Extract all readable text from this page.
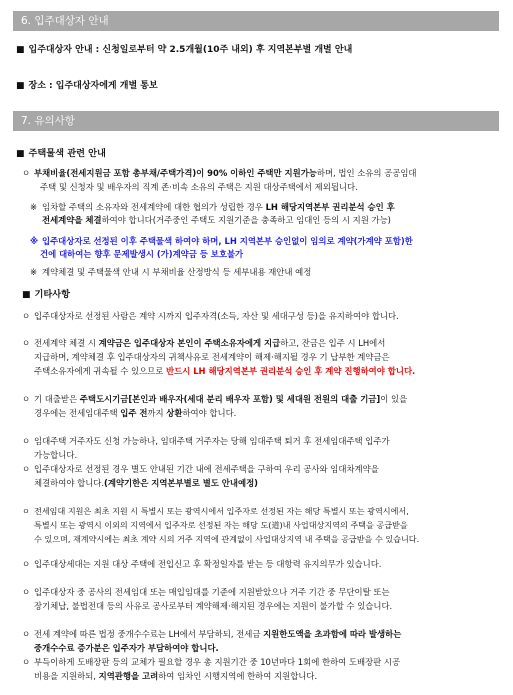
6. 입주대상자 안내
■ 입주대상자 안내 : 신청일로부터 약 2.5개월(10주 내외) 후 지역본부별 개별 안내
■ 장소 : 입주대상자에게 개별 통보
7. 유의사항
■ 주택물색 관련 안내
ㅇ 부채비율(전세지원금 포함 총부채/주택가격)이 90% 이하인 주택만 지원가능하며, 법인 소유의 공공임대
주택 및 신청자 및 배우자의 직계 존·비속 소유의 주택은 지원 대상주택에서 제외됩니다.
※ 임차할 주택의 소유자와 전세계약에 대한 협의가 성립한 경우 LH 해당지역본부 권리분석 승인 후
전세계약을 체결하여야 합니다(거주중인 주택도 지원기준을 충족하고 임대인 등의 시 지원 가능)
※ 입주대상자로 선정된 이후 주택물색 하여야 하며, LH 지역본부 승인없이 임의로 계약(가계약 포함)한
건에 대하여는 향후 문제발생시 (가)계약금 등 보호불가
※ 계약체결 및 주택물색 안내 시 부채비율 산정방식 등 세부내용 재안내 예정
■ 기타사항
ㅇ 입주대상자로 선정된 사람은 계약 시까지 입주자격(소득, 자산 및 세대구성 등)을 유지하여야 합니다.
ㅇ 전세계약 체결 시 계약금은 입주대상자 본인이 주택소유자에게 지급하고, 잔금은 입주 시 LH에서
지급하며, 계약체결 후 입주대상자의 귀책사유로 전세계약이 해제·해지될 경우 기 납부한 계약금은
주택소유자에게 귀속될 수 있으므로 반드시 LH 해당지역본부 권리분석 승인 후 계약 진행하여야 합니다.
ㅇ 기 대출받은 주택도시기금[본인과 배우자(세대 분리 배우자 포함) 및 세대원 전원의 대출 기금]이 있을
경우에는 전세임대주택 입주 전까지 상환하여야 합니다.
ㅇ 임대주택 거주자도 신청 가능하나, 임대주택 거주자는 당해 임대주택 퇴거 후 전세임대주택 입주가
가능합니다.
ㅇ 입주대상자로 선정된 경우 별도 안내된 기간 내에 전세주택을 구하여 우리 공사와 임대차계약을
체결하여야 합니다.(계약기한은 지역본부별로 별도 안내예정)
ㅇ 전세임대 지원은 최초 지원 시 특별시 또는 광역시에서 입주자로 선정된 자는 해당 특별시 또는 광역시에서,
특별시 또는 광역시 이외의 지역에서 입주자로 선정된 자는 해당 도(道)내 사업대상지역의 주택을 공급받을
수 있으며, 재계약시에는 최초 계약 시의 거주 지역에 관계없이 사업대상지역 내 주택을 공급받을 수 있습니다.
ㅇ 입주대상세대는 지원 대상 주택에 전입신고 후 확정일자를 받는 등 대항력 유지의무가 있습니다.
ㅇ 입주대상자 중 공사의 전세임대 또는 매입임대를 기준에 지원받았으나 거주 기간 중 무단이탈 또는
장기체납, 불법전대 등의 사유로 공사로부터 계약해제·해지된 경우에는 지원이 불가할 수 있습니다.
ㅇ 전세 계약에 따른 법정 중개수수료는 LH에서 부담하되, 전세금 지원한도액을 초과함에 따라 발생하는
중개수수료 증가분은 입주자가 부담하여야 합니다.
ㅇ 부득이하게 도배장판 등의 교체가 필요할 경우 총 지원기간 중 10년마다 1회에 한하여 도배장판 시공
비용을 지원하되, 지역관행을 고려하여 임차인 시행지역에 한하여 지원합니다.
